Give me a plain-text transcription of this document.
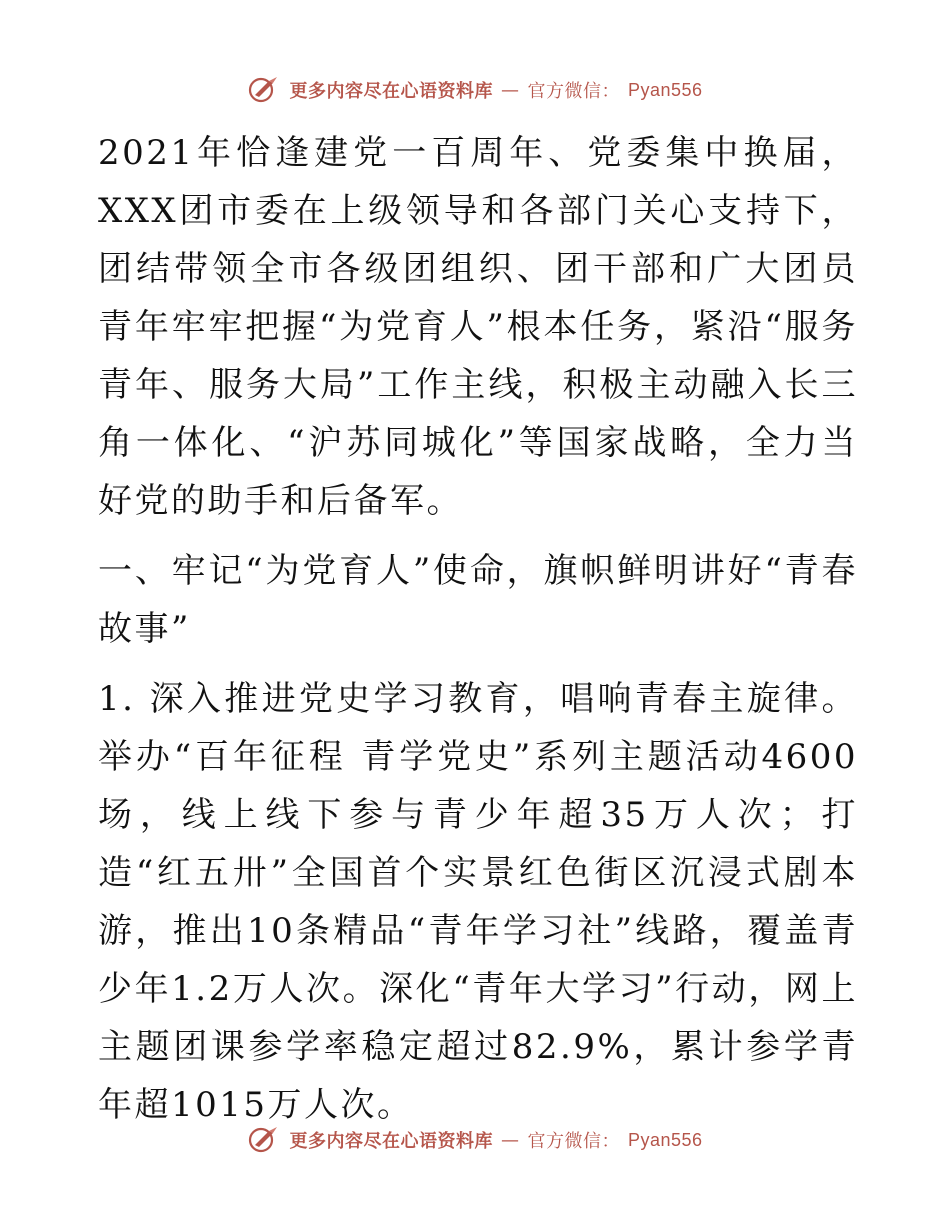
更多内容尽在心语资料库 — 官方微信： Pyan556

2021年恰逢建党一百周年、党委集中换届，XXX团市委在上级领导和各部门关心支持下，团结带领全市各级团组织、团干部和广大团员青年牢牢把握“为党育人”根本任务，紧沿“服务青年、服务大局”工作主线，积极主动融入长三角一体化、“沪苏同城化”等国家战略，全力当好党的助手和后备军。

一、牢记“为党育人”使命，旗帜鲜明讲好“青春故事”

1. 深入推进党史学习教育，唱响青春主旋律。举办“百年征程 青学党史”系列主题活动4600场，线上线下参与青少年超35万人次；打造“红五卅”全国首个实景红色街区沉浸式剧本游，推出10条精品“青年学习社”线路，覆盖青少年1.2万人次。深化“青年大学习”行动，网上主题团课参学率稳定超过82.9%，累计参学青年超1015万人次。

更多内容尽在心语资料库 — 官方微信： Pyan556
